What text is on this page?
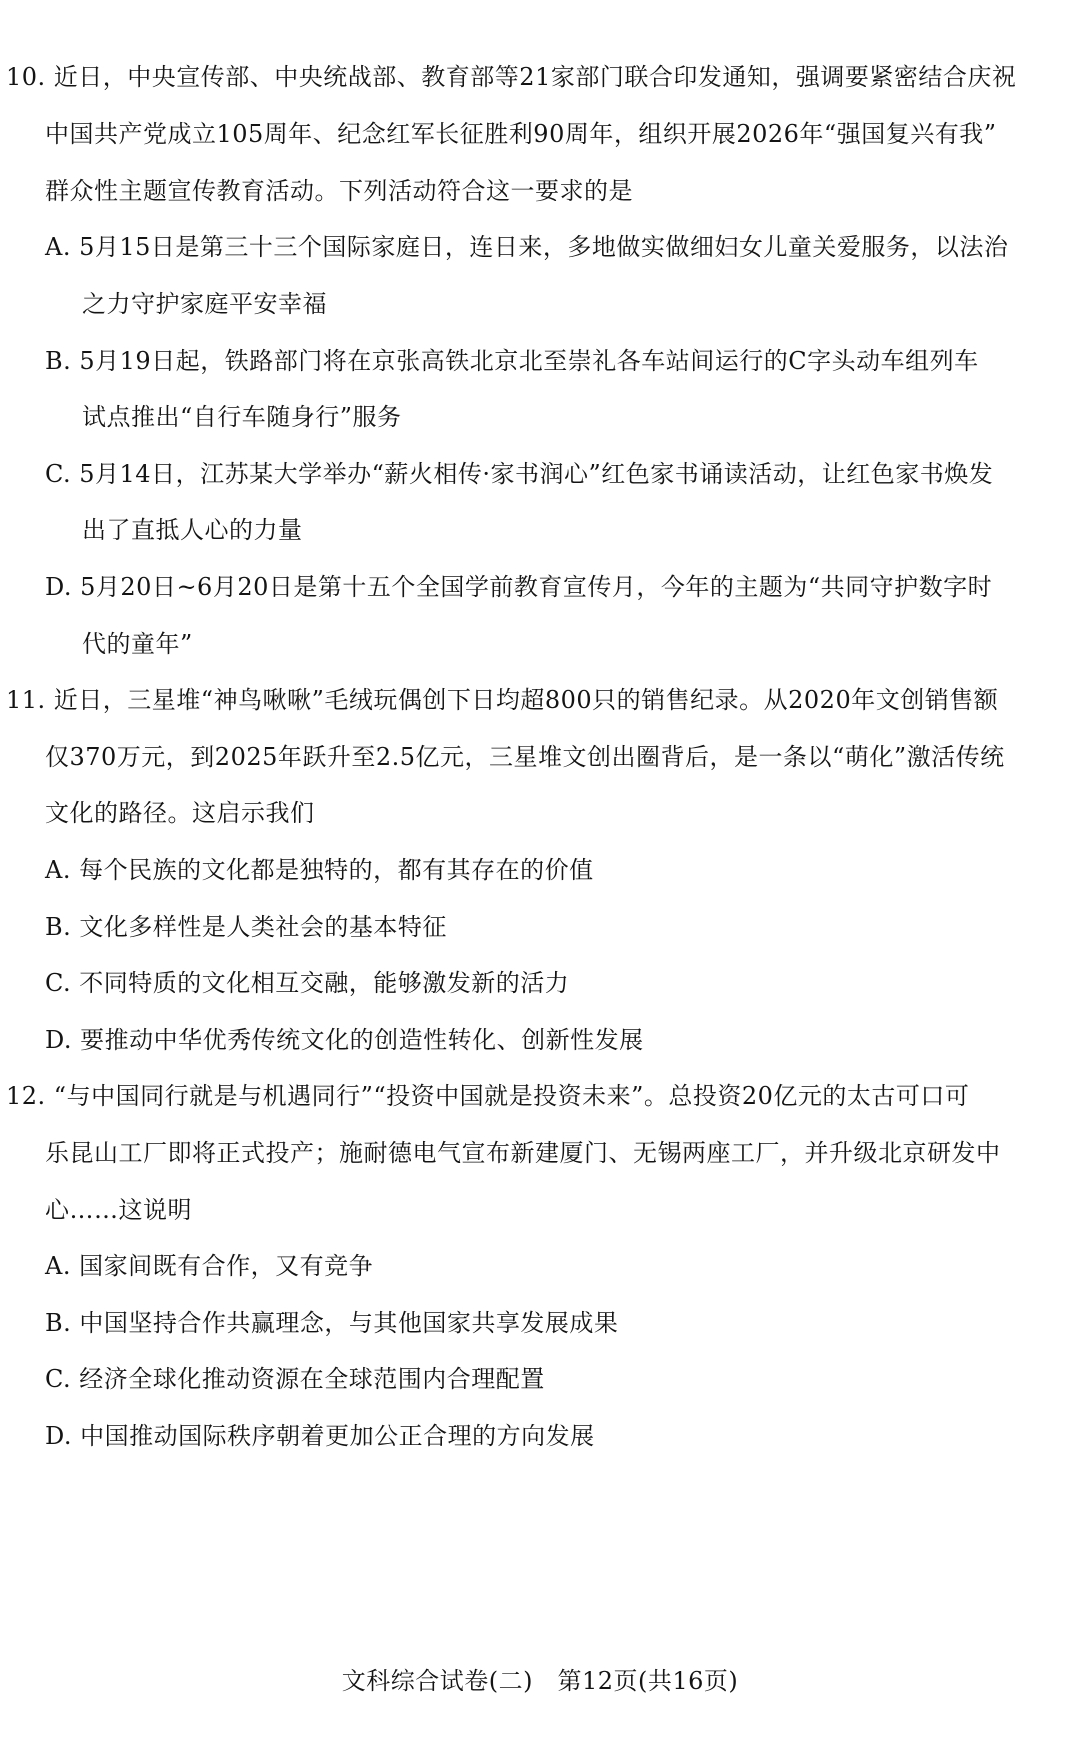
10. 近日，中央宣传部、中央统战部、教育部等21家部门联合印发通知，强调要紧密结合庆祝
中国共产党成立105周年、纪念红军长征胜利90周年，组织开展2026年“强国复兴有我”
群众性主题宣传教育活动。下列活动符合这一要求的是
A. 5月15日是第三十三个国际家庭日，连日来，多地做实做细妇女儿童关爱服务，以法治
之力守护家庭平安幸福
B. 5月19日起，铁路部门将在京张高铁北京北至崇礼各车站间运行的C字头动车组列车
试点推出“自行车随身行”服务
C. 5月14日，江苏某大学举办“薪火相传·家书润心”红色家书诵读活动，让红色家书焕发
出了直抵人心的力量
D. 5月20日~6月20日是第十五个全国学前教育宣传月，今年的主题为“共同守护数字时
代的童年”
11. 近日，三星堆“神鸟啾啾”毛绒玩偶创下日均超800只的销售纪录。从2020年文创销售额
仅370万元，到2025年跃升至2.5亿元，三星堆文创出圈背后，是一条以“萌化”激活传统
文化的路径。这启示我们
A. 每个民族的文化都是独特的，都有其存在的价值
B. 文化多样性是人类社会的基本特征
C. 不同特质的文化相互交融，能够激发新的活力
D. 要推动中华优秀传统文化的创造性转化、创新性发展
12. “与中国同行就是与机遇同行”“投资中国就是投资未来”。总投资20亿元的太古可口可
乐昆山工厂即将正式投产；施耐德电气宣布新建厦门、无锡两座工厂，并升级北京研发中
心……这说明
A. 国家间既有合作，又有竞争
B. 中国坚持合作共赢理念，与其他国家共享发展成果
C. 经济全球化推动资源在全球范围内合理配置
D. 中国推动国际秩序朝着更加公正合理的方向发展
文科综合试卷(二)　第12页(共16页)
